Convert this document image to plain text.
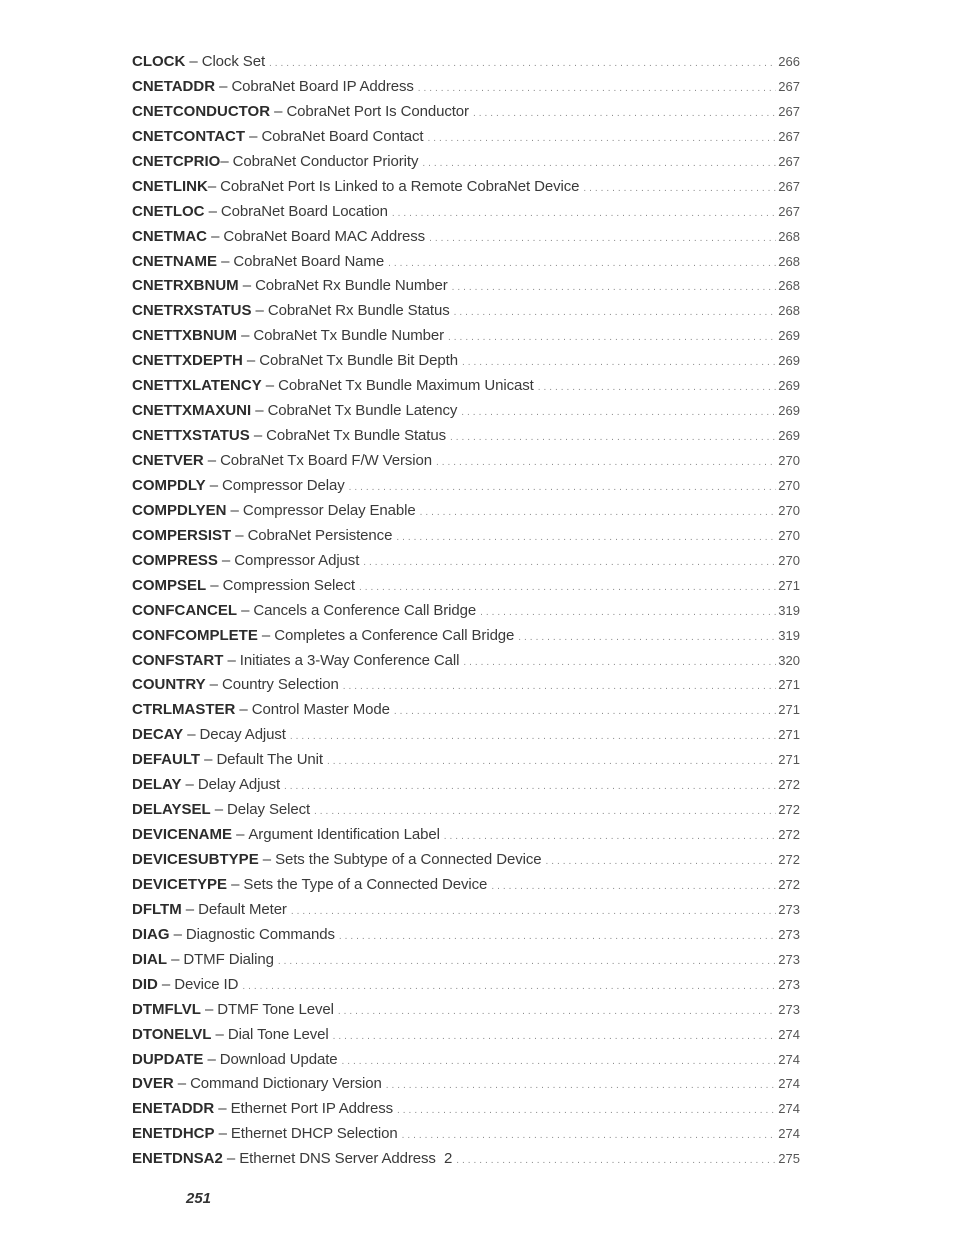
CLOCK – Clock Set . . .	266
CNETADDR – CobraNet Board IP Address . . .	267
CNETCONDUCTOR – CobraNet Port Is Conductor . . .	267
CNETCONTACT – CobraNet Board Contact . . .	267
CNETCPRIO – CobraNet Conductor Priority . . .	267
CNETLINK – CobraNet Port Is Linked to a Remote CobraNet Device . . .	267
CNETLOC – CobraNet Board Location . . .	267
CNETMAC – CobraNet Board MAC Address . . .	268
CNETNAME – CobraNet Board Name . . .	268
CNETRXBNUM – CobraNet Rx Bundle Number . . .	268
CNETRXSTATUS – CobraNet Rx Bundle Status . . .	268
CNETTXBNUM – CobraNet Tx Bundle Number . . .	269
CNETTXDEPTH – CobraNet Tx Bundle Bit Depth . . .	269
CNETTXLATENCY – CobraNet Tx Bundle Maximum Unicast . . .	269
CNETTXMAXUNI – CobraNet Tx Bundle Latency . . .	269
CNETTXSTATUS – CobraNet Tx Bundle Status . . .	269
CNETVER – CobraNet Tx Board F/W Version . . .	270
COMPDLY – Compressor Delay . . .	270
COMPDLYEN – Compressor Delay Enable . . .	270
COMPERSIST – CobraNet Persistence . . .	270
COMPRESS – Compressor Adjust . . .	270
COMPSEL – Compression Select . . .	271
CONFCANCEL – Cancels a Conference Call Bridge . . .	319
CONFCOMPLETE – Completes a Conference Call Bridge . . .	319
CONFSTART – Initiates a 3-Way Conference Call . . .	320
COUNTRY – Country Selection . . .	271
CTRLMASTER – Control Master Mode . . .	271
DECAY – Decay Adjust . . .	271
DEFAULT – Default The Unit . . .	271
DELAY – Delay Adjust . . .	272
DELAYSEL – Delay Select . . .	272
DEVICENAME – Argument Identification Label . . .	272
DEVICESUBTYPE – Sets the Subtype of a Connected Device . . .	272
DEVICETYPE – Sets the Type of a Connected Device . . .	272
DFLTM – Default Meter . . .	273
DIAG – Diagnostic Commands . . .	273
DIAL – DTMF Dialing . . .	273
DID – Device ID . . .	273
DTMFLVL – DTMF Tone Level . . .	273
DTONELVL – Dial Tone Level . . .	274
DUPDATE – Download Update . . .	274
DVER – Command Dictionary Version . . .	274
ENETADDR – Ethernet Port IP Address . . .	274
ENETDHCP – Ethernet DHCP Selection . . .	274
ENETDNSA2 – Ethernet DNS Server Address  2 . . .	275
251
